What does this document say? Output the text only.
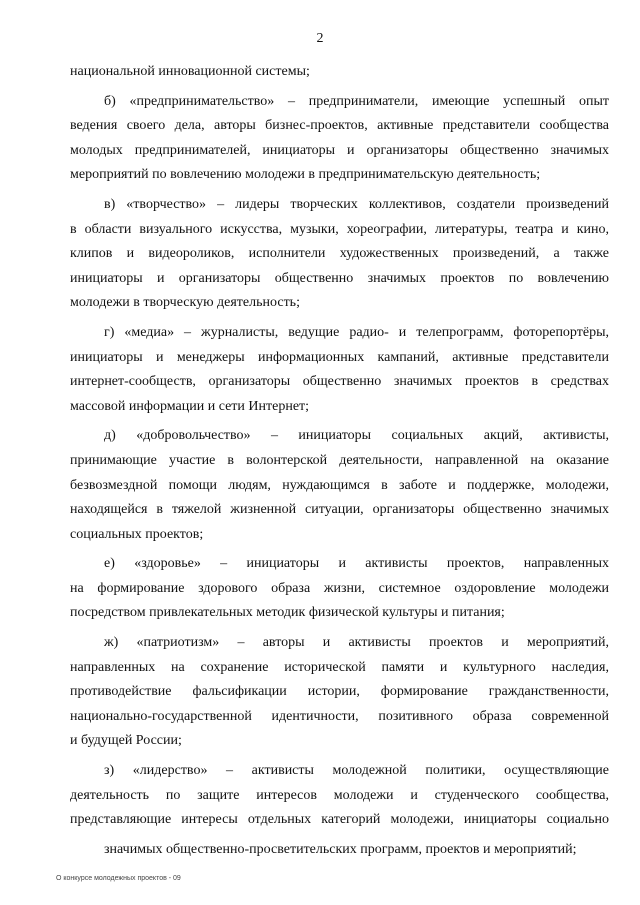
2
национальной инновационной системы;
б) «предпринимательство» – предприниматели, имеющие успешный опыт
ведения своего дела, авторы бизнес-проектов, активные представители сообщества
молодых предпринимателей, инициаторы и организаторы общественно значимых
мероприятий по вовлечению молодежи в предпринимательскую деятельность;
в) «творчество» – лидеры творческих коллективов, создатели произведений
в области визуального искусства, музыки, хореографии, литературы, театра и кино,
клипов и видеороликов, исполнители художественных произведений, а также
инициаторы и организаторы общественно значимых проектов по вовлечению
молодежи в творческую деятельность;
г) «медиа» – журналисты, ведущие радио- и телепрограмм, фоторепортёры,
инициаторы и менеджеры информационных кампаний, активные представители
интернет-сообществ, организаторы общественно значимых проектов в средствах
массовой информации и сети Интернет;
д) «добровольчество» – инициаторы социальных акций, активисты,
принимающие участие в волонтерской деятельности, направленной на оказание
безвозмездной помощи людям, нуждающимся в заботе и поддержке, молодежи,
находящейся в тяжелой жизненной ситуации, организаторы общественно значимых
социальных проектов;
е) «здоровье» – инициаторы и активисты проектов, направленных
на формирование здорового образа жизни, системное оздоровление молодежи
посредством привлекательных методик физической культуры и питания;
ж) «патриотизм» – авторы и активисты проектов и мероприятий,
направленных на сохранение исторической памяти и культурного наследия,
противодействие фальсификации истории, формирование гражданственности,
национально-государственной идентичности, позитивного образа современной
и будущей России;
з) «лидерство» – активисты молодежной политики, осуществляющие
деятельность по защите интересов молодежи и студенческого сообщества,
представляющие интересы отдельных категорий молодежи, инициаторы социально
значимых общественно-просветительских программ, проектов и мероприятий;
О конкурсе молодежных проектов - 09
